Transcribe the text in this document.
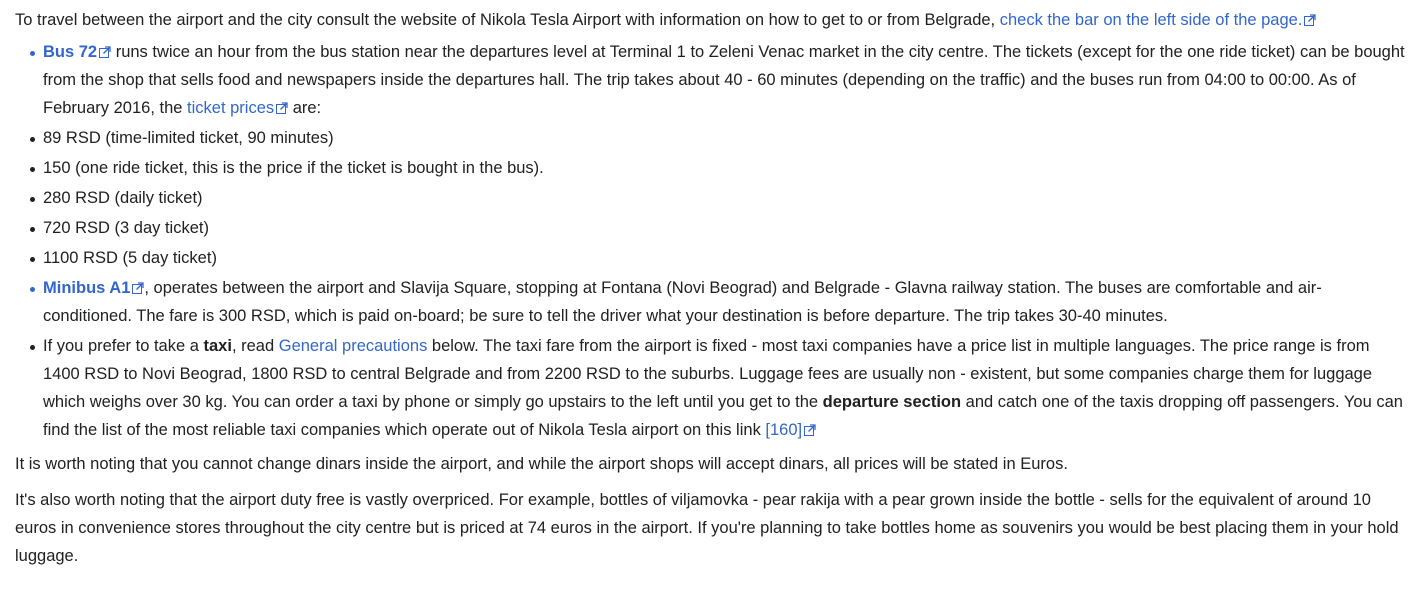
To travel between the airport and the city consult the website of Nikola Tesla Airport with information on how to get to or from Belgrade, check the bar on the left side of the page.

Bus 72 runs twice an hour from the bus station near the departures level at Terminal 1 to Zeleni Venac market in the city centre. The tickets (except for the one ride ticket) can be bought from the shop that sells food and newspapers inside the departures hall. The trip takes about 40 - 60 minutes (depending on the traffic) and the buses run from 04:00 to 00:00. As of February 2016, the ticket prices are:
89 RSD (time-limited ticket, 90 minutes)
150 (one ride ticket, this is the price if the ticket is bought in the bus).
280 RSD (daily ticket)
720 RSD (3 day ticket)
1100 RSD (5 day ticket)
Minibus A1 , operates between the airport and Slavija Square, stopping at Fontana (Novi Beograd) and Belgrade - Glavna railway station. The buses are comfortable and air-conditioned. The fare is 300 RSD, which is paid on-board; be sure to tell the driver what your destination is before departure. The trip takes 30-40 minutes.
If you prefer to take a taxi, read General precautions below. The taxi fare from the airport is fixed - most taxi companies have a price list in multiple languages. The price range is from 1400 RSD to Novi Beograd, 1800 RSD to central Belgrade and from 2200 RSD to the suburbs. Luggage fees are usually non - existent, but some companies charge them for luggage which weighs over 30 kg. You can order a taxi by phone or simply go upstairs to the left until you get to the departure section and catch one of the taxis dropping off passengers. You can find the list of the most reliable taxi companies which operate out of Nikola Tesla airport on this link [160]

It is worth noting that you cannot change dinars inside the airport, and while the airport shops will accept dinars, all prices will be stated in Euros.

It's also worth noting that the airport duty free is vastly overpriced. For example, bottles of viljamovka - pear rakija with a pear grown inside the bottle - sells for the equivalent of around 10 euros in convenience stores throughout the city centre but is priced at 74 euros in the airport. If you're planning to take bottles home as souvenirs you would be best placing them in your hold luggage.
